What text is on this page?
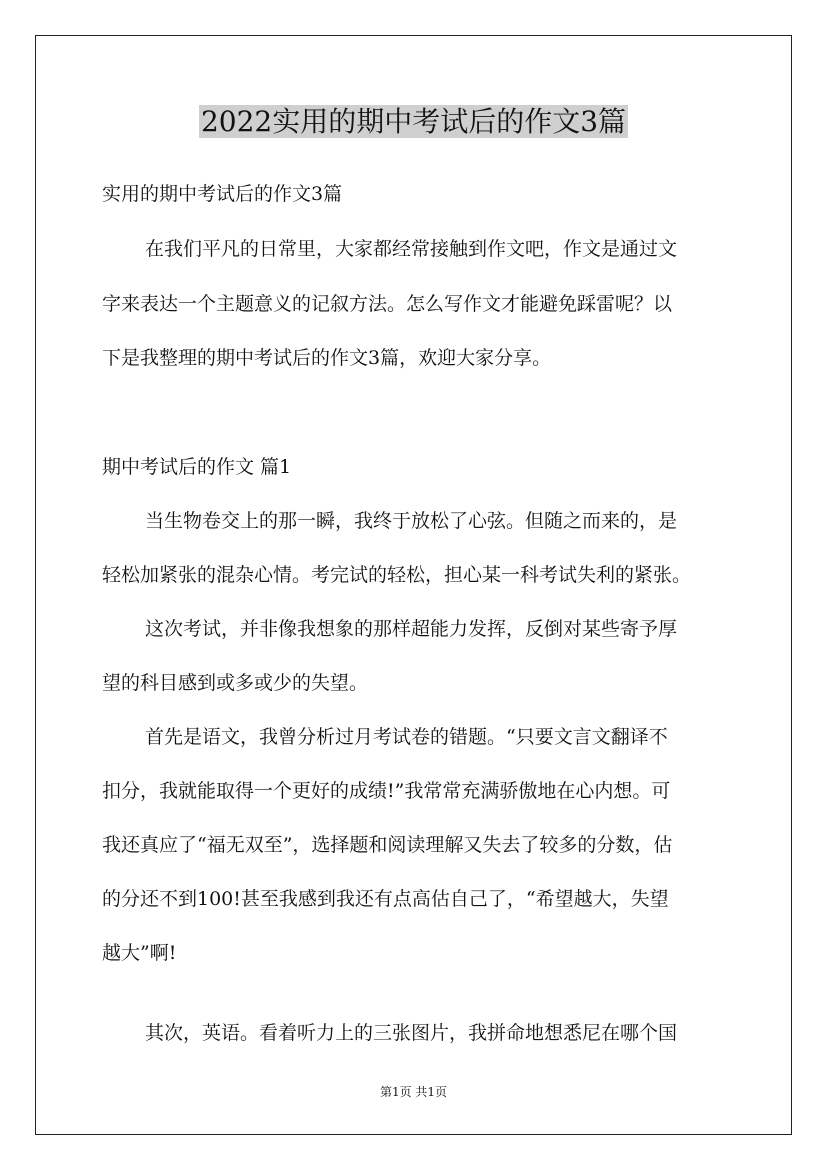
2022实用的期中考试后的作文3篇
实用的期中考试后的作文3篇
在我们平凡的日常里，大家都经常接触到作文吧，作文是通过文
字来表达一个主题意义的记叙方法。怎么写作文才能避免踩雷呢？以
下是我整理的期中考试后的作文3篇，欢迎大家分享。
期中考试后的作文 篇1
当生物卷交上的那一瞬，我终于放松了心弦。但随之而来的，是
轻松加紧张的混杂心情。考完试的轻松，担心某一科考试失利的紧张。
这次考试，并非像我想象的那样超能力发挥，反倒对某些寄予厚
望的科目感到或多或少的失望。
首先是语文，我曾分析过月考试卷的错题。“只要文言文翻译不
扣分，我就能取得一个更好的成绩!”我常常充满骄傲地在心内想。可
我还真应了“福无双至”，选择题和阅读理解又失去了较多的分数，估
的分还不到100!甚至我感到我还有点高估自己了，“希望越大，失望
越大”啊!
其次，英语。看着听力上的三张图片，我拼命地想悉尼在哪个国
第1页 共1页
